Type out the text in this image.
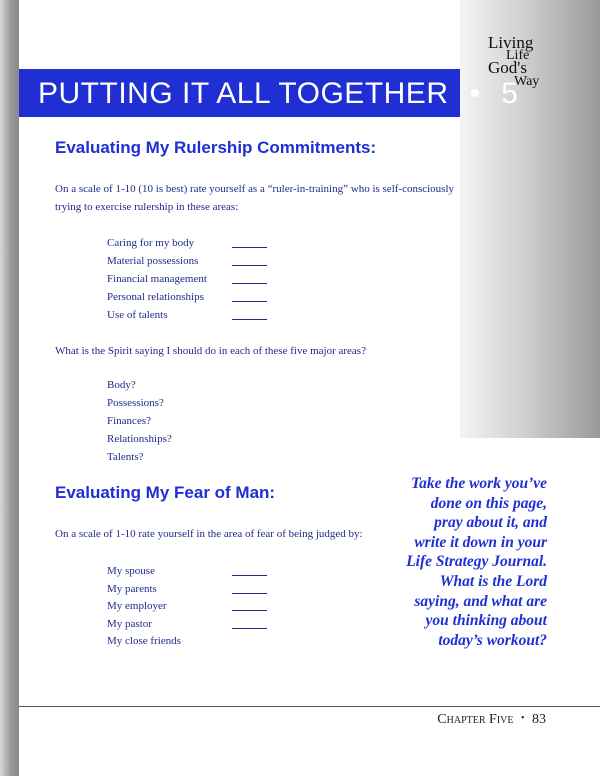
Living
Life
God's
Way
PUTTING IT ALL TOGETHER • 5
Evaluating My Rulership Commitments:
On a scale of 1-10 (10 is best) rate yourself as a “ruler-in-training” who is self-consciously
trying to exercise rulership in these areas:
Caring for my body
Material possessions
Financial management
Personal relationships
Use of talents
What is the Spirit saying I should do in each of these five major areas?
Body?
Possessions?
Finances?
Relationships?
Talents?
Evaluating My Fear of Man:
On a scale of 1-10 rate yourself in the area of fear of being judged by:
My spouse
My parents
My employer
My pastor
My close friends
Take the work you’ve
done on this page,
pray about it, and
write it down in your
Life Strategy Journal.
What is the Lord
saying, and what are
you thinking about
today’s workout?
Chapter Five • 83
